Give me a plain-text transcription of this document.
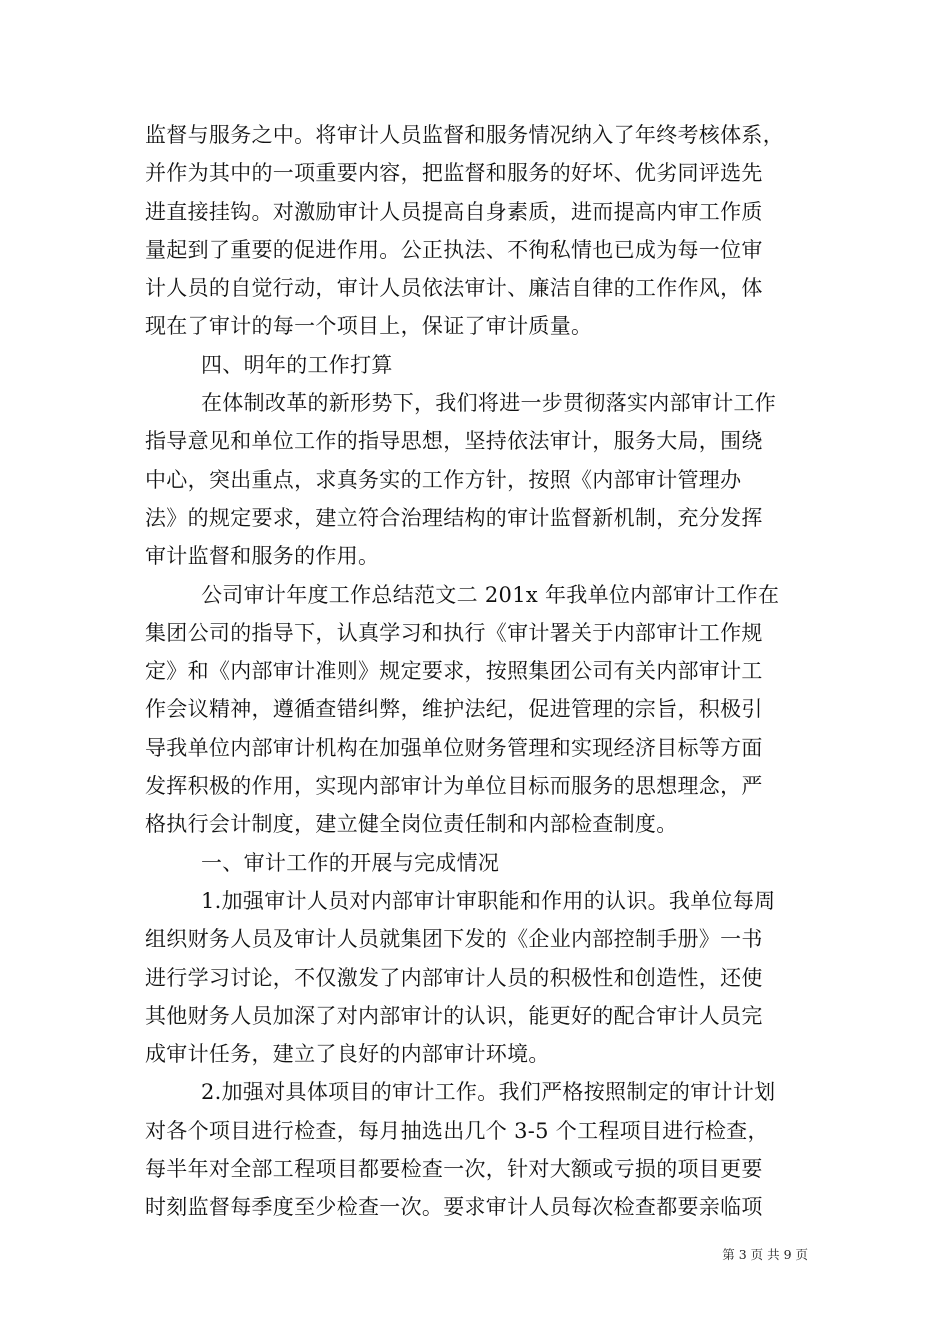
监督与服务之中。将审计人员监督和服务情况纳入了年终考核体系，
并作为其中的一项重要内容，把监督和服务的好坏、优劣同评选先
进直接挂钩。对激励审计人员提高自身素质，进而提高内审工作质
量起到了重要的促进作用。公正执法、不徇私情也已成为每一位审
计人员的自觉行动，审计人员依法审计、廉洁自律的工作作风，体
现在了审计的每一个项目上，保证了审计质量。
四、明年的工作打算
在体制改革的新形势下，我们将进一步贯彻落实内部审计工作
指导意见和单位工作的指导思想，坚持依法审计，服务大局，围绕
中心，突出重点，求真务实的工作方针，按照《内部审计管理办
法》的规定要求，建立符合治理结构的审计监督新机制，充分发挥
审计监督和服务的作用。
公司审计年度工作总结范文二 201x 年我单位内部审计工作在
集团公司的指导下，认真学习和执行《审计署关于内部审计工作规
定》和《内部审计准则》规定要求，按照集团公司有关内部审计工
作会议精神，遵循查错纠弊，维护法纪，促进管理的宗旨，积极引
导我单位内部审计机构在加强单位财务管理和实现经济目标等方面
发挥积极的作用，实现内部审计为单位目标而服务的思想理念，严
格执行会计制度，建立健全岗位责任制和内部检查制度。
一、审计工作的开展与完成情况
1.加强审计人员对内部审计审职能和作用的认识。我单位每周
组织财务人员及审计人员就集团下发的《企业内部控制手册》一书
进行学习讨论，不仅激发了内部审计人员的积极性和创造性，还使
其他财务人员加深了对内部审计的认识，能更好的配合审计人员完
成审计任务，建立了良好的内部审计环境。
2.加强对具体项目的审计工作。我们严格按照制定的审计计划
对各个项目进行检查，每月抽选出几个 3-5 个工程项目进行检查，
每半年对全部工程项目都要检查一次，针对大额或亏损的项目更要
时刻监督每季度至少检查一次。要求审计人员每次检查都要亲临项
第 3 页 共 9 页
